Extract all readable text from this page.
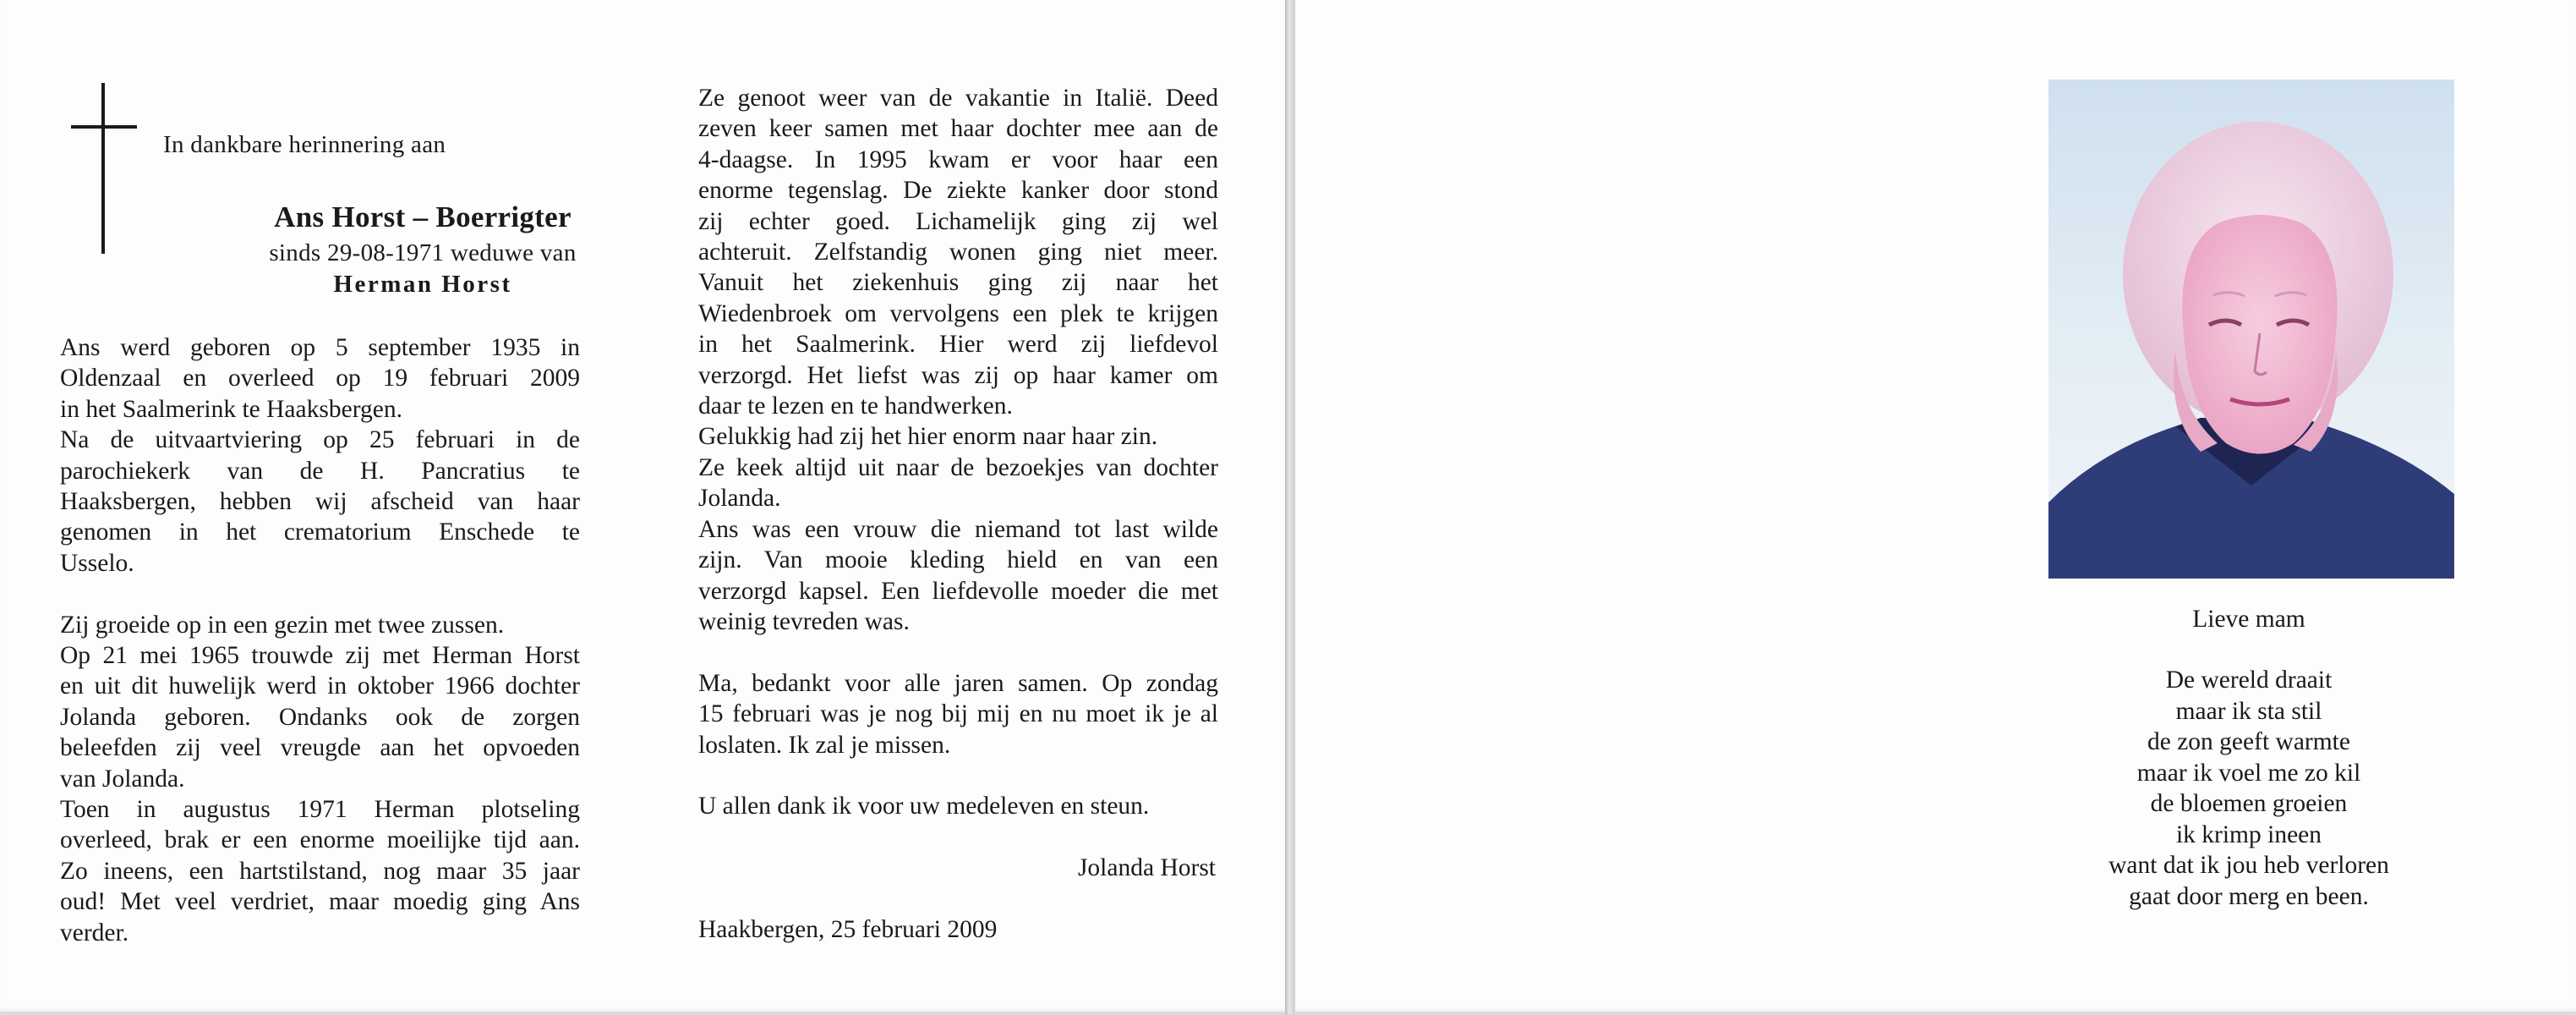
In dankbare herinnering aan
Ans Horst – Boerrigter
sinds 29-08-1971 weduwe van
Herman Horst

Ans werd geboren op 5 september 1935 in

Oldenzaal en overleed op 19 februari 2009

in het Saalmerink te Haaksbergen.

Na de uitvaartviering op 25 februari in de

parochiekerk van de H. Pancratius te

Haaksbergen, hebben wij afscheid van haar

genomen in het crematorium Enschede te

Usselo.

Zij groeide op in een gezin met twee zussen.

Op 21 mei 1965 trouwde zij met Herman Horst

en uit dit huwelijk werd in oktober 1966 dochter

Jolanda geboren. Ondanks ook de zorgen

beleefden zij veel vreugde aan het opvoeden

van Jolanda.

Toen in augustus 1971 Herman plotseling

overleed, brak er een enorme moeilijke tijd aan.

Zo ineens, een hartstilstand, nog maar 35 jaar

oud! Met veel verdriet, maar moedig ging Ans

verder.

Ze genoot weer van de vakantie in Italië. Deed

zeven keer samen met haar dochter mee aan de

4-daagse. In 1995 kwam er voor haar een

enorme tegenslag. De ziekte kanker door stond

zij echter goed. Lichamelijk ging zij wel

achteruit. Zelfstandig wonen ging niet meer.

Vanuit het ziekenhuis ging zij naar het

Wiedenbroek om vervolgens een plek te krijgen

in het Saalmerink. Hier werd zij liefdevol

verzorgd. Het liefst was zij op haar kamer om

daar te lezen en te handwerken.

Gelukkig had zij het hier enorm naar haar zin.

Ze keek altijd uit naar de bezoekjes van dochter

Jolanda.

Ans was een vrouw die niemand tot last wilde

zijn. Van mooie kleding hield en van een

verzorgd kapsel. Een liefdevolle moeder die met

weinig tevreden was.

Ma, bedankt voor alle jaren samen. Op zondag

15 februari was je nog bij mij en nu moet ik je al

loslaten. Ik zal je missen.

U allen dank ik voor uw medeleven en steun.

Jolanda Horst
Haakbergen, 25 februari 2009
Lieve mam
De wereld draait
maar ik sta stil
de zon geeft warmte
maar ik voel me zo kil
de bloemen groeien
ik krimp ineen
want dat ik jou heb verloren
gaat door merg en been.
